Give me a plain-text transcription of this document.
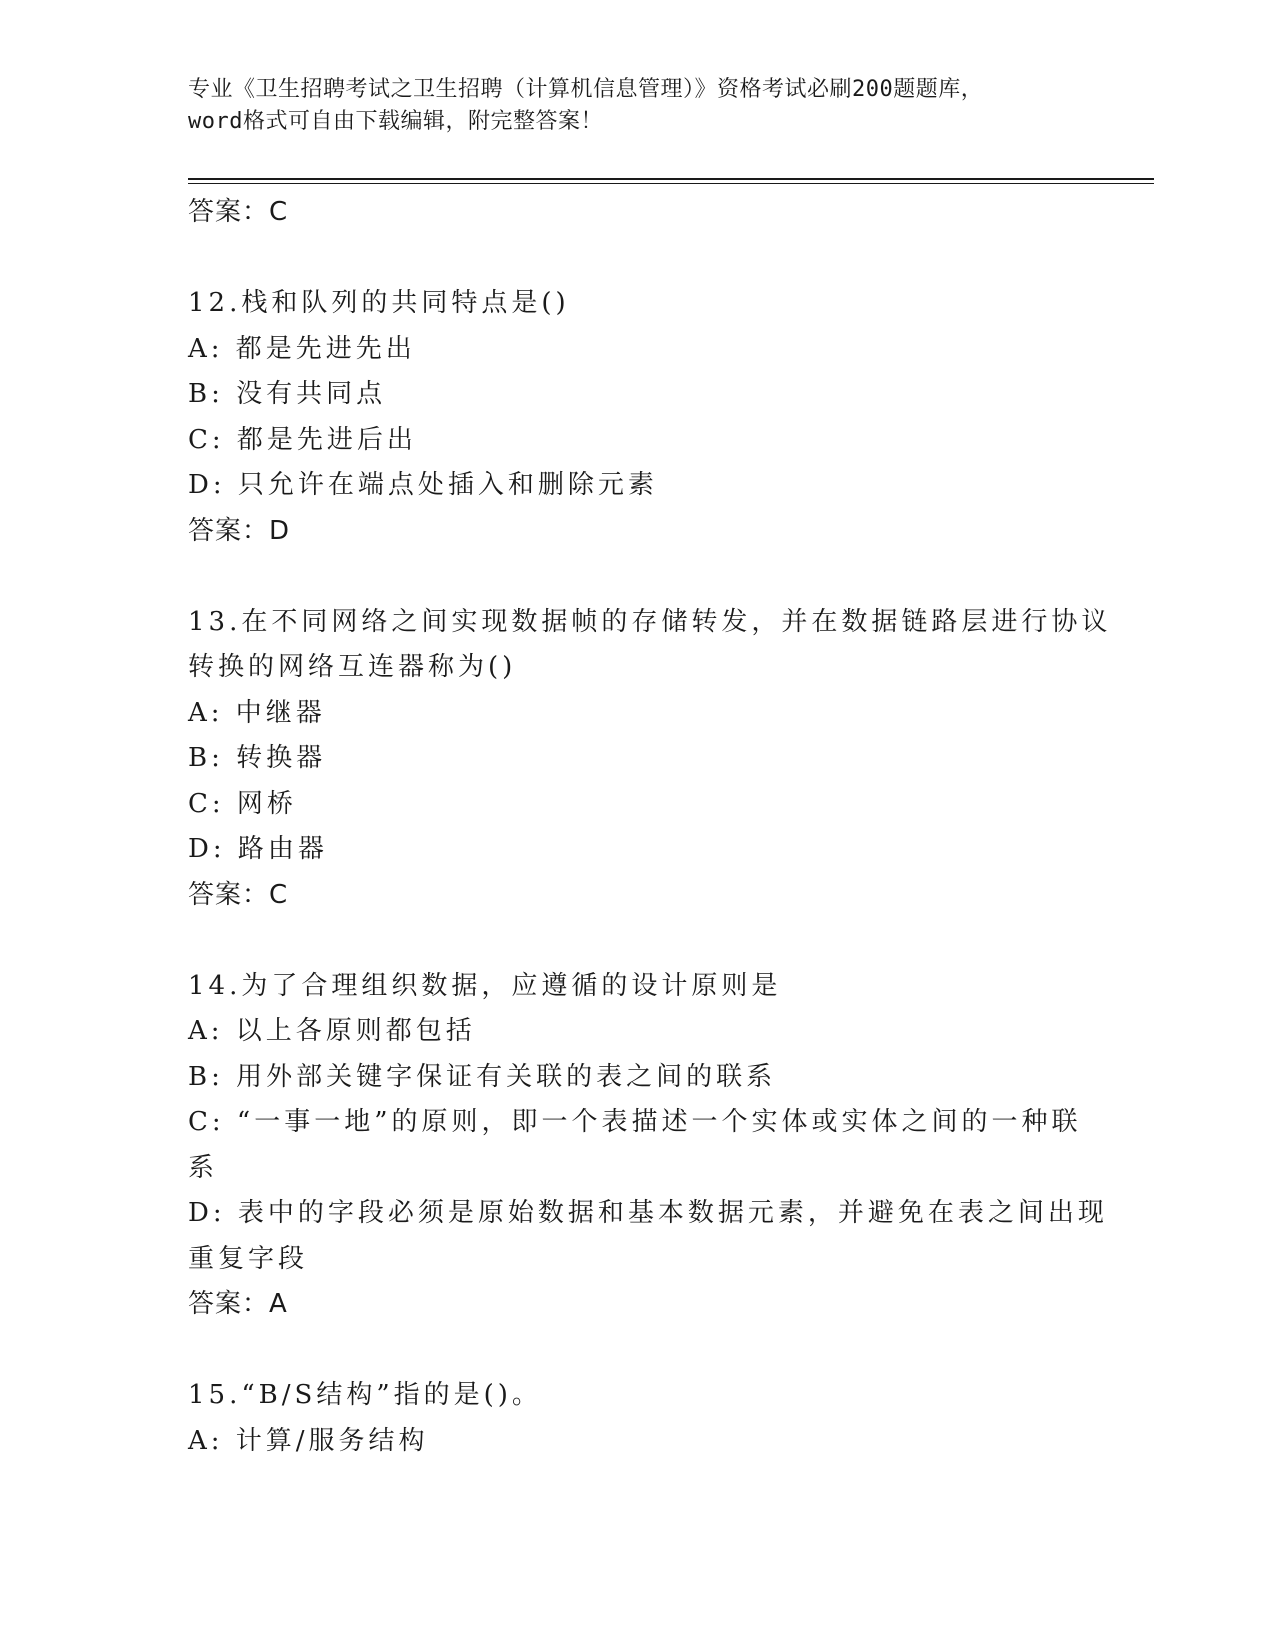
专业《卫生招聘考试之卫生招聘（计算机信息管理）》资格考试必刷200题题库，
word格式可自由下载编辑，附完整答案！
答案：C
12.栈和队列的共同特点是()
A: 都是先进先出
B: 没有共同点
C: 都是先进后出
D: 只允许在端点处插入和删除元素
答案：D
13.在不同网络之间实现数据帧的存储转发，并在数据链路层进行协议
转换的网络互连器称为()
A: 中继器
B: 转换器
C: 网桥
D: 路由器
答案：C
14.为了合理组织数据，应遵循的设计原则是
A: 以上各原则都包括
B: 用外部关键字保证有关联的表之间的联系
C: “一事一地”的原则，即一个表描述一个实体或实体之间的一种联
系
D: 表中的字段必须是原始数据和基本数据元素，并避免在表之间出现
重复字段
答案：A
15.“B/S结构”指的是()。
A: 计算/服务结构
